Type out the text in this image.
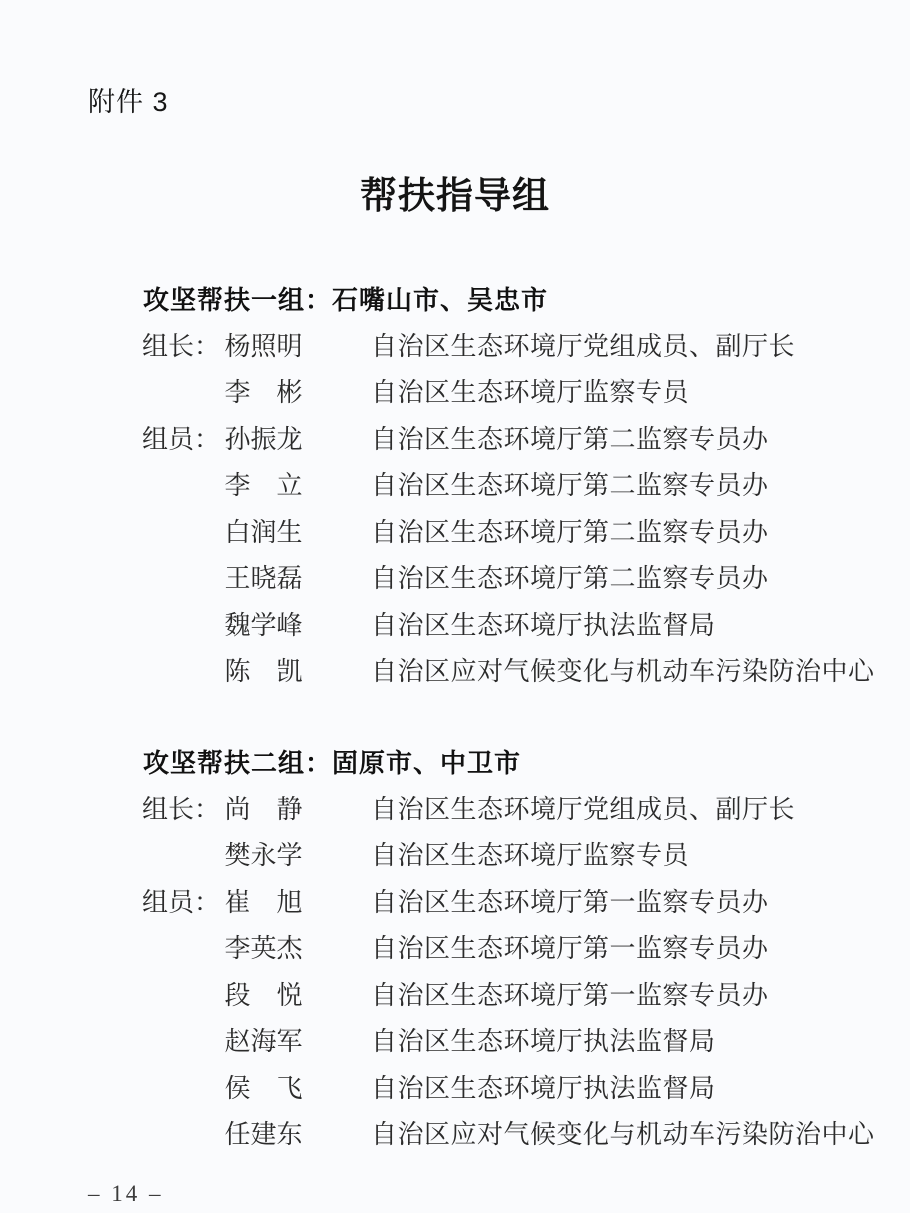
附件 3
帮扶指导组
攻坚帮扶一组：石嘴山市、吴忠市
组长： 杨照明	自治区生态环境厅党组成员、副厅长
李　彬	自治区生态环境厅监察专员
组员： 孙振龙	自治区生态环境厅第二监察专员办
李　立	自治区生态环境厅第二监察专员办
白润生	自治区生态环境厅第二监察专员办
王晓磊	自治区生态环境厅第二监察专员办
魏学峰	自治区生态环境厅执法监督局
陈　凯	自治区应对气候变化与机动车污染防治中心
攻坚帮扶二组：固原市、中卫市
组长： 尚　静	自治区生态环境厅党组成员、副厅长
樊永学	自治区生态环境厅监察专员
组员： 崔　旭	自治区生态环境厅第一监察专员办
李英杰	自治区生态环境厅第一监察专员办
段　悦	自治区生态环境厅第一监察专员办
赵海军	自治区生态环境厅执法监督局
侯　飞	自治区生态环境厅执法监督局
任建东	自治区应对气候变化与机动车污染防治中心
– 14 –
